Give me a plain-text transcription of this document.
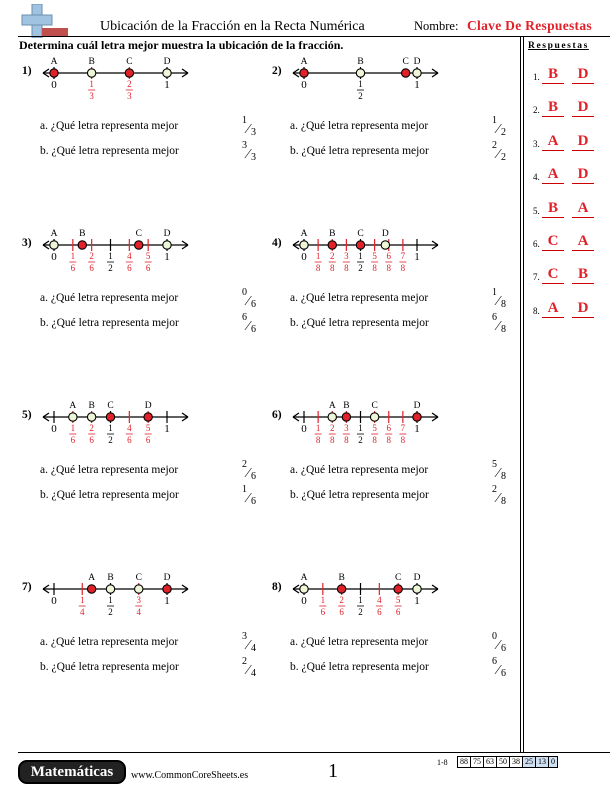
Ubicación de la Fracción en la Recta Numérica	Nombre: Clave De Respuestas
Determina cuál letra mejor muestra la ubicación de la fracción.	Respuestas
1. B	D
2. B	D
3. A	D
4. A	D
5. B	A
6. C	A
7. C	B
8. A	D
1)
0	1
3
2
3
1
A	B	C	D
a. ¿Qué letra representa mejor	1
⁄ 3
b. ¿Qué letra representa mejor	3
⁄ 3
2)
0	1
2
1
A	B	C D
a. ¿Qué letra representa mejor	1
⁄ 2
b. ¿Qué letra representa mejor	2
⁄ 2
3)
0 1
6
2
6
1
2
4
6
5
6
1
A B	C D
a. ¿Qué letra representa mejor	0
⁄ 6
b. ¿Qué letra representa mejor	6
⁄ 6
4)
0 1
8
2
8
3
8
1
2
5
8
6
8
7
8
1
A B C D
a. ¿Qué letra representa mejor	1
⁄ 8
b. ¿Qué letra representa mejor	6
⁄ 8
5)
0 1
6
2
6
1
2
4
6
5
6
1
A B C	D
a. ¿Qué letra representa mejor	2
⁄ 6
b. ¿Qué letra representa mejor	1
⁄ 6
6)
0 1
8
2
8
3
8
1
2
5
8
6
8
7
8
1
A B C	D
a. ¿Qué letra representa mejor	5
⁄ 8
b. ¿Qué letra representa mejor	2
⁄ 8
7)
0	1
4
1
2
3
4
1
A B C D
a. ¿Qué letra representa mejor	3
⁄ 4
b. ¿Qué letra representa mejor	2
⁄ 4
8)
0 1
6
2
6
1
2
4
6
5
6
1
A	B	C D
a. ¿Qué letra representa mejor	0
⁄ 6
b. ¿Qué letra representa mejor	6
⁄ 6
Matemáticas	www.CommonCoreSheets.es	1	1-8	88 75 63 50 38 25 13 0
